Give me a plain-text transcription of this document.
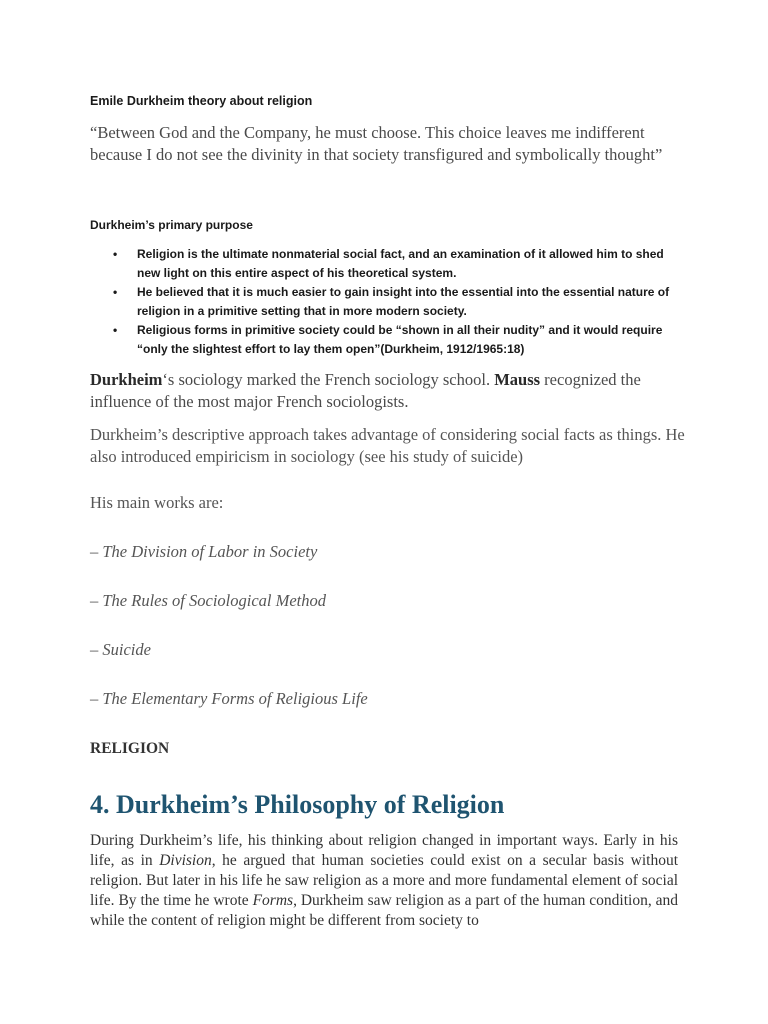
Emile Durkheim theory about religion
“Between God and the Company, he must choose. This choice leaves me indifferent because I do not see the divinity in that society transfigured and symbolically thought”
Durkheim’s primary purpose
• Religion is the ultimate nonmaterial social fact, and an examination of it allowed him to shed new light on this entire aspect of his theoretical system.
• He believed that it is much easier to gain insight into the essential into the essential nature of religion in a primitive setting that in more modern society.
• Religious forms in primitive society could be “shown in all their nudity” and it would require “only the slightest effort to lay them open”(Durkheim, 1912/1965:18)
Durkheim‘s sociology marked the French sociology school. Mauss recognized the influence of the most major French sociologists.
Durkheim’s descriptive approach takes advantage of considering social facts as things. He also introduced empiricism in sociology (see his study of suicide)
His main works are:
– The Division of Labor in Society
– The Rules of Sociological Method
– Suicide
– The Elementary Forms of Religious Life
RELIGION
4. Durkheim’s Philosophy of Religion
During Durkheim’s life, his thinking about religion changed in important ways. Early in his life, as in Division, he argued that human societies could exist on a secular basis without religion. But later in his life he saw religion as a more and more fundamental element of social life. By the time he wrote Forms, Durkheim saw religion as a part of the human condition, and while the content of religion might be different from society to
